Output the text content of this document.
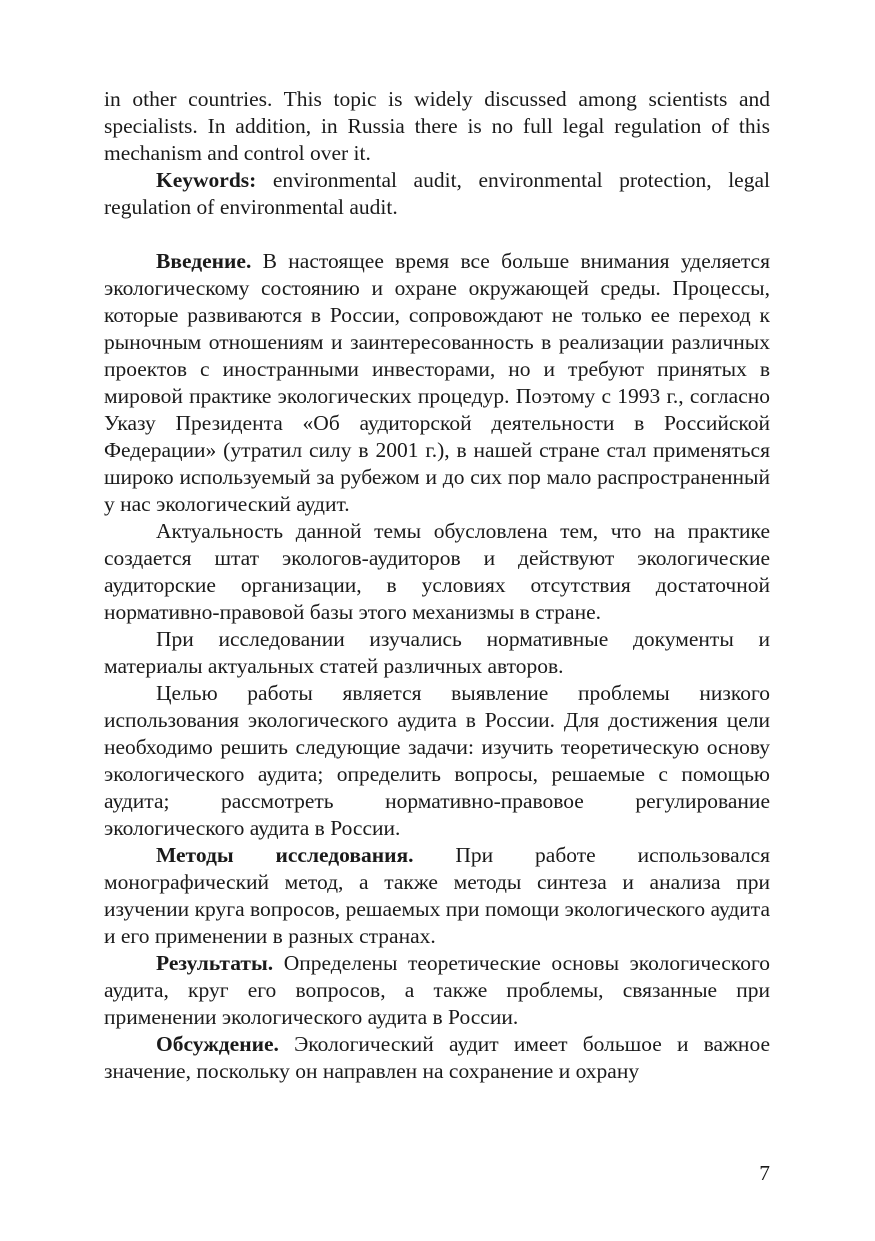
in other countries. This topic is widely discussed among scientists and specialists. In addition, in Russia there is no full legal regulation of this mechanism and control over it.

Keywords: environmental audit, environmental protection, legal regulation of environmental audit.

Введение. В настоящее время все больше внимания уделяется экологическому состоянию и охране окружающей среды. Процессы, которые развиваются в России, сопровождают не только ее переход к рыночным отношениям и заинтересованность в реализации различных проектов с иностранными инвесторами, но и требуют принятых в мировой практике экологических процедур. Поэтому с 1993 г., согласно Указу Президента «Об аудиторской деятельности в Российской Федерации» (утратил силу в 2001 г.), в нашей стране стал применяться широко используемый за рубежом и до сих пор мало распространенный у нас экологический аудит.

Актуальность данной темы обусловлена тем, что на практике создается штат экологов-аудиторов и действуют экологические аудиторские организации, в условиях отсутствия достаточной нормативно-правовой базы этого механизмы в стране.

При исследовании изучались нормативные документы и материалы актуальных статей различных авторов.

Целью работы является выявление проблемы низкого использования экологического аудита в России. Для достижения цели необходимо решить следующие задачи: изучить теоретическую основу экологического аудита; определить вопросы, решаемые с помощью аудита; рассмотреть нормативно-правовое регулирование экологического аудита в России.

Методы исследования. При работе использовался монографический метод, а также методы синтеза и анализа при изучении круга вопросов, решаемых при помощи экологического аудита и его применении в разных странах.

Результаты. Определены теоретические основы экологического аудита, круг его вопросов, а также проблемы, связанные при применении экологического аудита в России.

Обсуждение. Экологический аудит имеет большое и важное значение, поскольку он направлен на сохранение и охрану

7
